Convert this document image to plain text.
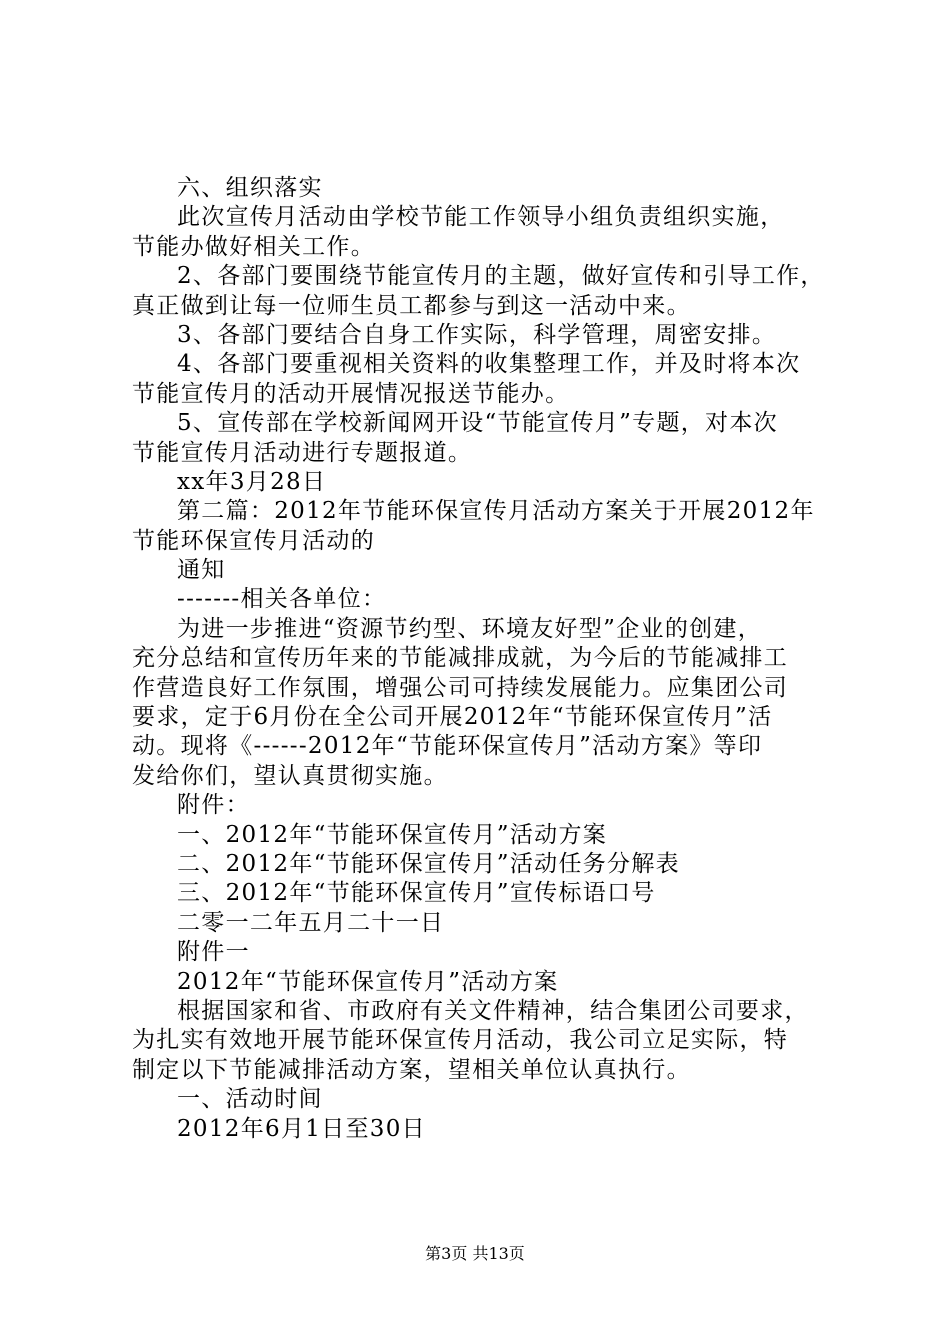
六、组织落实
此次宣传月活动由学校节能工作领导小组负责组织实施，
节能办做好相关工作。
2、各部门要围绕节能宣传月的主题，做好宣传和引导工作，
真正做到让每一位师生员工都参与到这一活动中来。
3、各部门要结合自身工作实际，科学管理，周密安排。
4、各部门要重视相关资料的收集整理工作，并及时将本次
节能宣传月的活动开展情况报送节能办。
5、宣传部在学校新闻网开设“节能宣传月”专题，对本次
节能宣传月活动进行专题报道。
xx年3月28日
第二篇：2012年节能环保宣传月活动方案关于开展2012年
节能环保宣传月活动的
通知
-------相关各单位：
为进一步推进“资源节约型、环境友好型”企业的创建，
充分总结和宣传历年来的节能减排成就，为今后的节能减排工
作营造良好工作氛围，增强公司可持续发展能力。应集团公司
要求，定于6月份在全公司开展2012年“节能环保宣传月”活
动。现将《------2012年“节能环保宣传月”活动方案》等印
发给你们，望认真贯彻实施。
附件：
一、2012年“节能环保宣传月”活动方案
二、2012年“节能环保宣传月”活动任务分解表
三、2012年“节能环保宣传月”宣传标语口号
二零一二年五月二十一日
附件一
2012年“节能环保宣传月”活动方案
根据国家和省、市政府有关文件精神，结合集团公司要求，
为扎实有效地开展节能环保宣传月活动，我公司立足实际，特
制定以下节能减排活动方案，望相关单位认真执行。
一、活动时间
2012年6月1日至30日
第3页 共13页
